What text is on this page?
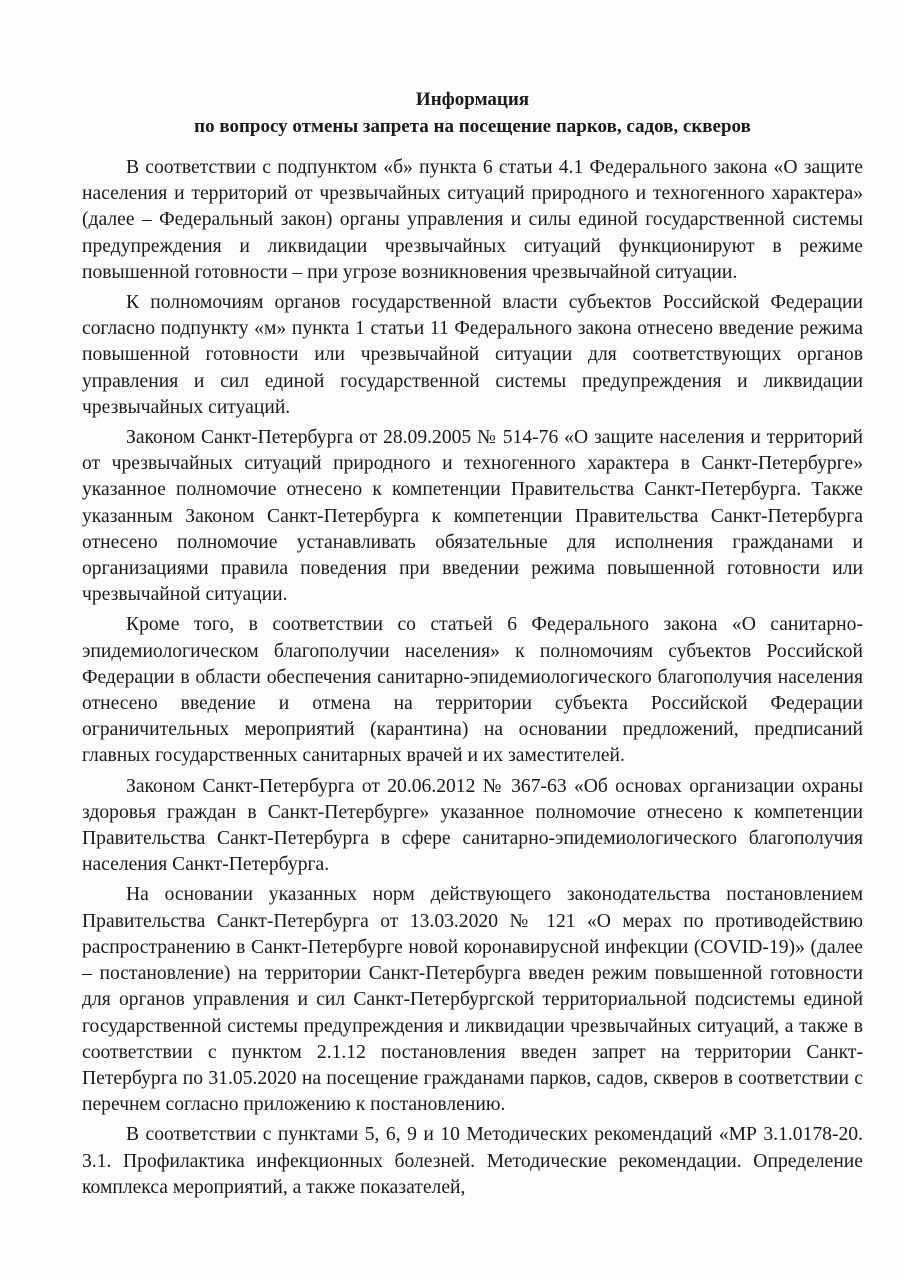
Информация
по вопросу отмены запрета на посещение парков, садов, скверов

В соответствии с подпунктом «б» пункта 6 статьи 4.1 Федерального закона «О защите населения и территорий от чрезвычайных ситуаций природного и техногенного характера» (далее – Федеральный закон) органы управления и силы единой государственной системы предупреждения и ликвидации чрезвычайных ситуаций функционируют в режиме повышенной готовности – при угрозе возникновения чрезвычайной ситуации.

К полномочиям органов государственной власти субъектов Российской Федерации согласно подпункту «м» пункта 1 статьи 11 Федерального закона отнесено введение режима повышенной готовности или чрезвычайной ситуации для соответствующих органов управления и сил единой государственной системы предупреждения и ликвидации чрезвычайных ситуаций.

Законом Санкт-Петербурга от 28.09.2005 № 514-76 «О защите населения и территорий от чрезвычайных ситуаций природного и техногенного характера в Санкт-Петербурге» указанное полномочие отнесено к компетенции Правительства Санкт-Петербурга. Также указанным Законом Санкт-Петербурга к компетенции Правительства Санкт-Петербурга отнесено полномочие устанавливать обязательные для исполнения гражданами и организациями правила поведения при введении режима повышенной готовности или чрезвычайной ситуации.

Кроме того, в соответствии со статьей 6 Федерального закона «О санитарно-эпидемиологическом благополучии населения» к полномочиям субъектов Российской Федерации в области обеспечения санитарно-эпидемиологического благополучия населения отнесено введение и отмена на территории субъекта Российской Федерации ограничительных мероприятий (карантина) на основании предложений, предписаний главных государственных санитарных врачей и их заместителей.

Законом Санкт-Петербурга от 20.06.2012 № 367-63 «Об основах организации охраны здоровья граждан в Санкт-Петербурге» указанное полномочие отнесено к компетенции Правительства Санкт-Петербурга в сфере санитарно-эпидемиологического благополучия населения Санкт-Петербурга.

На основании указанных норм действующего законодательства постановлением Правительства Санкт-Петербурга от 13.03.2020 № 121 «О мерах по противодействию распространению в Санкт-Петербурге новой коронавирусной инфекции (COVID-19)» (далее – постановление) на территории Санкт-Петербурга введен режим повышенной готовности для органов управления и сил Санкт-Петербургской территориальной подсистемы единой государственной системы предупреждения и ликвидации чрезвычайных ситуаций, а также в соответствии с пунктом 2.1.12 постановления введен запрет на территории Санкт-Петербурга по 31.05.2020 на посещение гражданами парков, садов, скверов в соответствии с перечнем согласно приложению к постановлению.

В соответствии с пунктами 5, 6, 9 и 10 Методических рекомендаций «МР 3.1.0178-20. 3.1. Профилактика инфекционных болезней. Методические рекомендации. Определение комплекса мероприятий, а также показателей,
